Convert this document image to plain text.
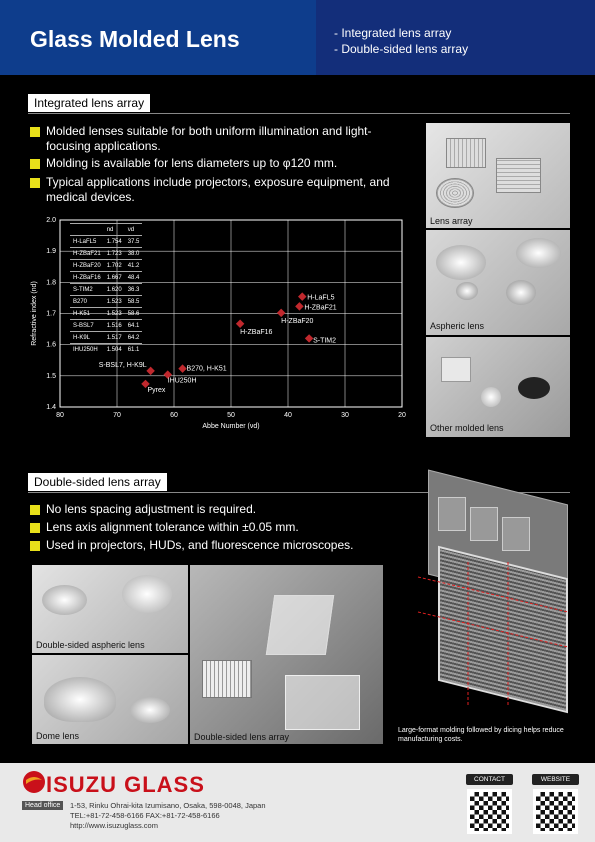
Glass Molded Lens	- Integrated lens array
- Double-sided lens array
Integrated lens array
Molded lenses suitable for both uniform illumination and light-focusing applications.
Molding is available for lens diameters up to φ120 mm.
Typical applications include projectors, exposure equipment, and medical devices.
80	70	60	50	40	30	20
2.0
1.9
1.8
1.7
1.6
1.5
1.4
Abbe Number (νd)
Refractive index (nd)	H-LaFL5
H-ZBaF21
H-ZBaF20
H-ZBaF16
S-TIM2
B270, H-K51
S-BSL7, H-K9L
IHU250H
Pyrex
	nd	νd
H-LaFL5	1.754	37.5
H-ZBaF21	1.723	38.0
H-ZBaF20	1.702	41.2
H-ZBaF16	1.667	48.4
S-TIM2	1.620	36.3
B270	1.523	58.5
H-K51	1.523	58.6
S-BSL7	1.516	64.1
H-K9L	1.517	64.2
IHU250H	1.504	61.1
Lens array
Aspheric lens
Other molded lens
Double-sided lens array
No lens spacing adjustment is required.
Lens axis alignment tolerance within ±0.05 mm.
Used in projectors, HUDs, and fluorescence microscopes.
Double-sided aspheric lens
Dome lens	Double-sided lens array
Large-format molding followed by dicing helps reduce manufacturing costs.
ISUZU GLASS
Head office	1-53, Rinku Ohrai-kita Izumisano, Osaka, 598-0048, Japan
TEL:+81-72-458-6166 FAX:+81-72-458-6166
http://www.isuzuglass.com
CONTACT	WEBSITE
